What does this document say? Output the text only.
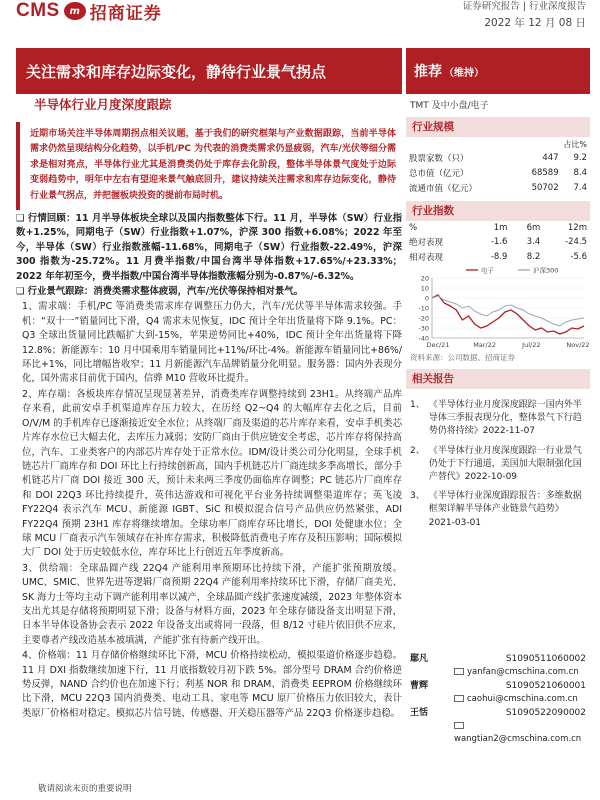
CMS m 招商证券	证券研究报告 | 行业深度报告
2022 年 12 月 08 日
关注需求和库存边际变化，静待行业景气拐点	推荐 （维持）
半导体行业月度深度跟踪
近期市场关注半导体周期拐点相关议题，基于我们的研究框架与产业数据跟踪，当前半导体需求仍然呈现结构分化趋势，以手机/PC 为代表的消费类需求仍显疲弱，汽车/光伏等细分需求是相对亮点，半导体行业尤其是消费类仍处于库存去化阶段，整体半导体景气度处于边际变弱趋势中，明年中左右有望迎来景气触底回升，建议持续关注需求和库存边际变化，静待行业景气拐点，并把握板块投资的提前布局时机。

❑ 行情回顾：11 月半导体板块全球以及国内指数整体下行。11 月，半导体（SW）行业指数+1.25%，同期电子（SW）行业指数+1.07%，沪深 300 指数+6.08%；2022 年至今，半导体（SW）行业指数涨幅-11.68%，同期电子（SW）行业指数-22.49%，沪深 300 指数为-25.72%。11 月费半指数/中国台湾半导体指数+17.65%/+23.33%；2022 年年初至今，费半指数/中国台湾半导体指数涨幅分别为-0.87%/-6.32%。

❑ 行业景气跟踪：消费类需求整体疲弱，汽车/光伏等保持相对景气。

1、需求端：手机/PC 等消费类需求库存调整压力仍大，汽车/光伏等半导体需求较强。手机：“双十一”销量同比下滑，Q4 需求未见恢复，IDC 预计全年出货量将下降 9.1%。PC：Q3 全球出货量同比跌幅扩大到-15%，苹果逆势同比+40%，IDC 预计全年出货量将下降 12.8%；新能源车：10 月中国乘用车销量同比+11%/环比-4%。新能源车销量同比+86%/环比+1%，同比增幅皆收窄；11 月新能源汽车品牌销量分化明显。服务器：国内外表现分化，国外需求目前优于国内，信骅 M10 营收环比提升。

2、库存端：各板块库存情况呈现显著差异，消费类库存调整持续到 23H1。从终端产品库存来看，此前安卓手机渠道库存压力较大，在历经 Q2~Q4 的大幅库存去化之后，目前 O/V/M 的手机库存已逐渐接近安全水位；从终端厂商及渠道的芯片库存来看，安卓手机类芯片库存水位已大幅去化，去库压力减弱；安防厂商由于供应链安全考虑，芯片库存将保持高位，汽车、工业类客户的内部芯片库存处于正常水位。IDM/设计类公司分化明显，全球手机链芯片厂商库存和 DOI 环比上行持续创新高，国内手机链芯片厂商连续多季高增长，部分手机链芯片厂商 DOI 接近 300 天，预计未来两三季度仍面临库存调整；PC 链芯片厂商库存和 DOI 22Q3 环比持续提升，英伟达游戏和可视化平台业务持续调整渠道库存；英飞凌 FY22Q4 表示汽车 MCU、新能源 IGBT、SiC 和模拟混合信号产品供应仍然紧张，ADI FY22Q4 预期 23H1 库存将继续增加。全球功率厂商库存环比增长，DOI 处健康水位；全球 MCU 厂商表示汽车领域存在补库存需求，积极降低消费电子库存及积压影响；国际模拟大厂 DOI 处于历史较低水位，库存环比上行创近五年季度新高。

3、供给端：全球晶圆产线 22Q4 产能利用率预期环比持续下滑，产能扩张预期放缓。UMC、SMIC、世界先进等逻辑厂商预期 22Q4 产能利用率持续环比下滑，存储厂商美光、SK 海力士等均主动下调产能利用率以减产，全球晶圆产线扩张速度减缓，2023 年整体资本支出尤其是存储将预期明显下滑；设备与材料方面，2023 年全球存储设备支出明显下滑，日本半导体设备协会表示 2022 年设备支出或将同一段落，但 8/12 寸硅片依旧供不应求，主要尊者产线改造基本被填满，产能扩张有待新产线开出。

4、价格端：11 月存储价格继续环比下滑，MCU 价格持续松动，模拟渠道价格逐步趋稳。11 月 DXI 指数继续加速下行，11 月底指数较月初下跌 5%。部分型号 DRAM 合约价格逆势反弹，NAND 合约价也在加速下行；利基 NOR 和 DRAM、消费类 EEPROM 价格继续环比下滑，MCU 22Q3 国内消费类、电动工具、家电等 MCU 原厂价格压力依旧较大，表计类原厂价格相对稳定。模拟芯片信号链、传感器、开关稳压器等产品 22Q3 价格逐步趋稳。

TMT 及中小盘/电子
行业规模
占比%
股票家数（只）	447	9.2
总市值（亿元）	68589	8.4
流通市值（亿元）	50702	7.4
行业指数
%	1m	6m	12m
绝对表现	-1.6	3.4	-24.5
相对表现	-8.9	8.2	-5.6
20
10
0
-10
-20
-30
-40
Dec/21	Mar/22	Jul/22	Nov/22
电子	沪深300
资料来源：公司数据、招商证券
相关报告
1、 《半导体行业月度深度跟踪一国内外半导体三季报表现分化，整体景气下行趋势仍将持续》2022-11-07
2、 《半导体行业月度深度跟踪一行业景气仍处于下行通道，美国加大限制强化国产替代》2022-10-09
3、 《半导体行业深度跟踪报告：多维数据框架详解半导体产业链景气趋势》2021-03-01
鄢凡	S1090511060002
yanfan@cmschina.com.cn
曹辉	S1090521060001
caohui@cmschina.com.cn
王恬	S1090522090002
wangtian2@cmschina.com.cn
敬请阅读末页的重要说明
